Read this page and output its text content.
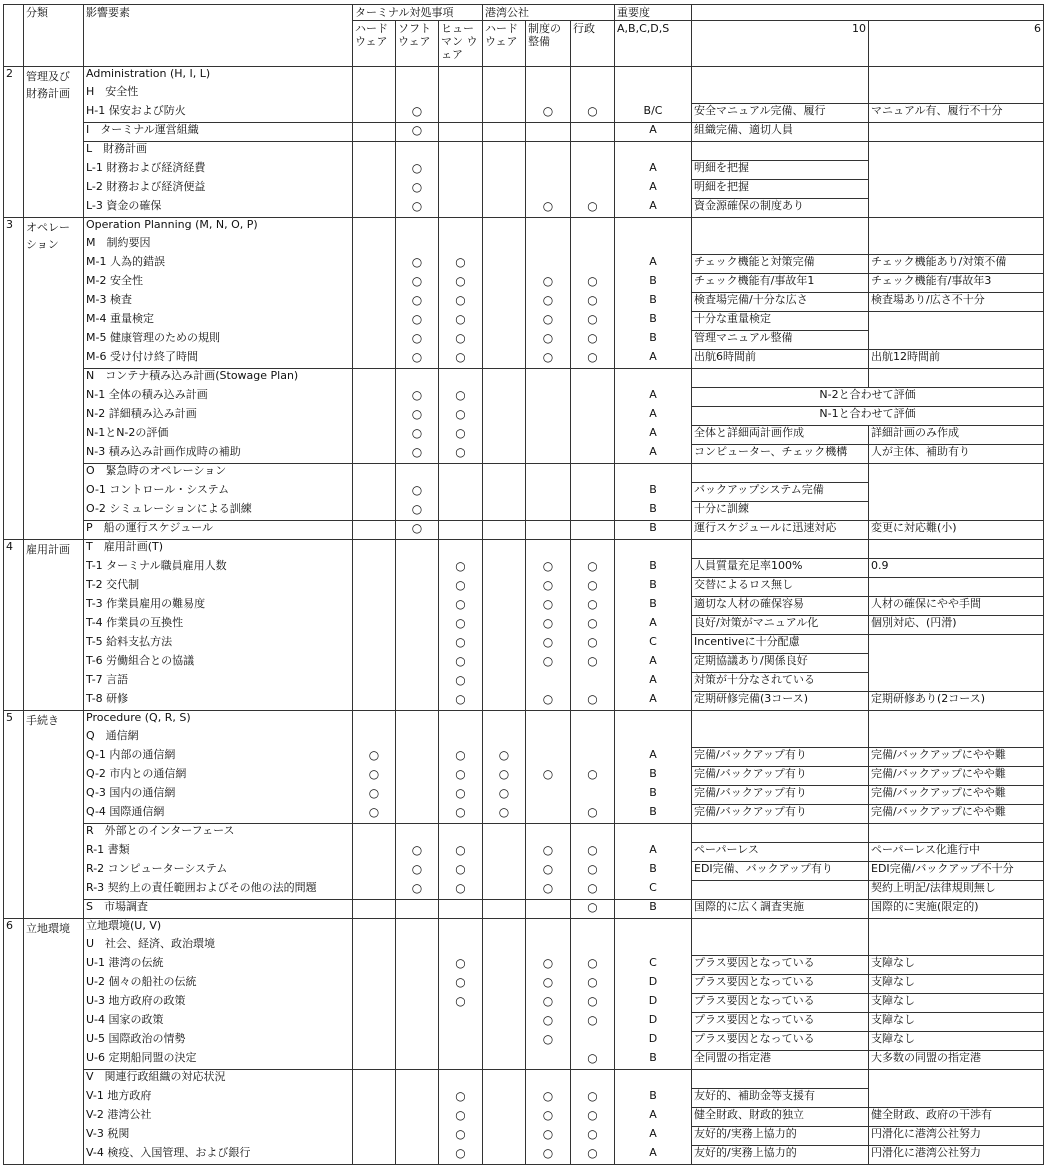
	分類	影響要素	ターミナル対処事項			港湾公社			重要度		
			ハード ウェア	ソフト ウェア	ヒュー マン ウェア	ハード ウェア	制度の 整備	行政	A,B,C,D,S	10	6
2	管理及び 財務計画	Administration (H, I, L)									
		H　安全性									
		H-1 保安および防火		○			○	○	B/C	安全マニュアル完備、履行	マニュアル有、履行不十分
		I　ターミナル運営組織		○					A	組織完備、適切人員	
		L　財務計画									
		L-1 財務および経済経費		○					A	明細を把握	
		L-2 財務および経済便益		○					A	明細を把握	
		L-3 資金の確保		○			○	○	A	資金源確保の制度あり	
3	オペレー ション	Operation Planning (M, N, O, P)									
		M　制約要因									
		M-1 人為的錯誤		○	○				A	チェック機能と対策完備	チェック機能あり/対策不備
		M-2 安全性		○	○		○	○	B	チェック機能有/事故年1	チェック機能有/事故年3
		M-3 検査		○	○		○	○	B	検査場完備/十分な広さ	検査場あり/広さ不十分
		M-4 重量検定		○	○		○	○	B	十分な重量検定	
		M-5 健康管理のための規則		○	○		○	○	B	管理マニュアル整備	
		M-6 受け付け終了時間		○	○		○	○	A	出航6時間前	出航12時間前
		N　コンテナ積み込み計画(Stowage Plan)									
		N-1 全体の積み込み計画		○	○				A	N-2と合わせて評価	
		N-2 詳細積み込み計画		○	○				A	N-1と合わせて評価	
		N-1とN-2の評価		○	○				A	全体と詳細両計画作成	詳細計画のみ作成
		N-3 積み込み計画作成時の補助		○	○				A	コンピューター、チェック機構	人が主体、補助有り
		O　緊急時のオペレーション									
		O-1 コントロール・システム		○					B	バックアップシステム完備	
		O-2 シミュレーションによる訓練		○					B	十分に訓練	
		P　船の運行スケジュール		○					B	運行スケジュールに迅速対応	変更に対応難(小)
4	雇用計画	T　雇用計画(T)									
		T-1 ターミナル職員雇用人数			○		○	○	B	人員質量充足率100%	0.9
		T-2 交代制			○		○	○	B	交替によるロス無し	
		T-3 作業員雇用の難易度			○		○	○	B	適切な人材の確保容易	人材の確保にやや手間
		T-4 作業員の互換性			○		○	○	A	良好/対策がマニュアル化	個別対応、(円滑)
		T-5 給料支払方法			○		○	○	C	Incentiveに十分配慮	
		T-6 労働組合との協議			○		○	○	A	定期協議あり/関係良好	
		T-7 言語			○				A	対策が十分なされている	
		T-8 研修			○		○	○	A	定期研修完備(3コース)	定期研修あり(2コース)
5	手続き	Procedure (Q, R, S)									
		Q　通信網									
		Q-1 内部の通信網	○		○	○			A	完備/バックアップ有り	完備/バックアップにやや難
		Q-2 市内との通信網	○		○	○	○	○	B	完備/バックアップ有り	完備/バックアップにやや難
		Q-3 国内の通信網	○		○	○			B	完備/バックアップ有り	完備/バックアップにやや難
		Q-4 国際通信網	○		○	○		○	B	完備/バックアップ有り	完備/バックアップにやや難
		R　外部とのインターフェース									
		R-1 書類		○	○		○	○	A	ペーパーレス	ペーパーレス化進行中
		R-2 コンピューターシステム		○	○		○	○	B	EDI完備、バックアップ有り	EDI完備/バックアップ不十分
		R-3 契約上の責任範囲およびその他の法的問題		○	○		○	○	C		契約上明記/法律規則無し
		S　市場調査						○	B	国際的に広く調査実施	国際的に実施(限定的)
6	立地環境	立地環境(U, V)									
		U　社会、経済、政治環境									
		U-1 港湾の伝統			○		○	○	C	プラス要因となっている	支障なし
		U-2 個々の船社の伝統			○		○	○	D	プラス要因となっている	支障なし
		U-3 地方政府の政策			○		○	○	D	プラス要因となっている	支障なし
		U-4 国家の政策					○	○	D	プラス要因となっている	支障なし
		U-5 国際政治の情勢					○		D	プラス要因となっている	支障なし
		U-6 定期船同盟の決定						○	B	全同盟の指定港	大多数の同盟の指定港
		V　関連行政組織の対応状況									
		V-1 地方政府			○		○	○	B	友好的、補助金等支援有	
		V-2 港湾公社			○		○	○	A	健全財政、財政的独立	健全財政、政府の干渉有
		V-3 税関			○		○	○	A	友好的/実務上協力的	円滑化に港湾公社努力
		V-4 検疫、入国管理、および銀行			○		○	○	A	友好的/実務上協力的	円滑化に港湾公社努力
